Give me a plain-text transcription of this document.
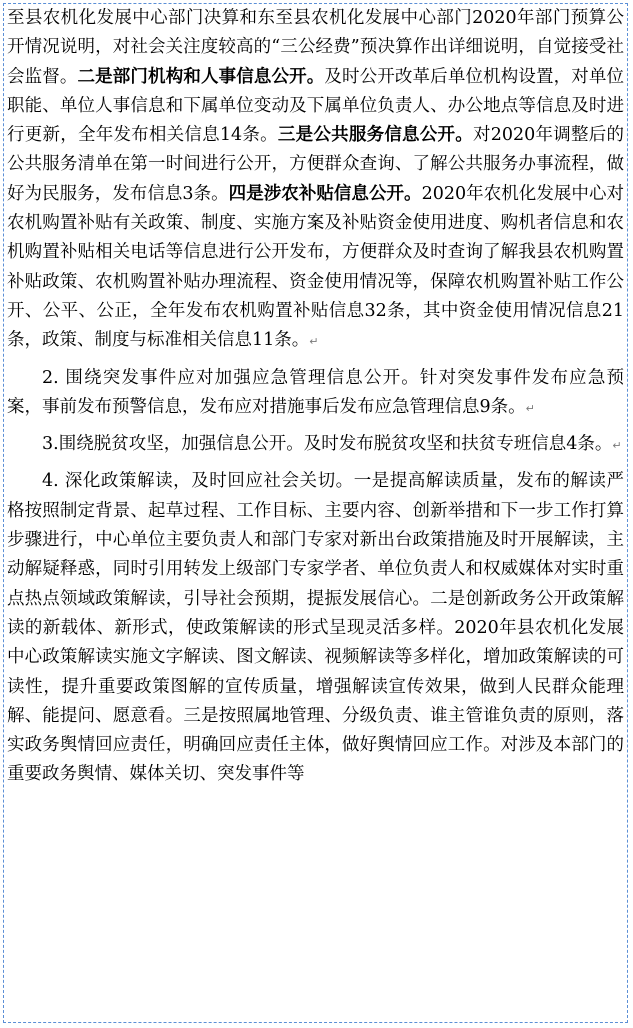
至县农机化发展中心部门决算和东至县农机化发展中心部门2020年部门预算公开情况说明，对社会关注度较高的“三公经费”预决算作出详细说明，自觉接受社会监督。二是部门机构和人事信息公开。及时公开改革后单位机构设置，对单位职能、单位人事信息和下属单位变动及下属单位负责人、办公地点等信息及时进行更新，全年发布相关信息14条。三是公共服务信息公开。对2020年调整后的公共服务清单在第一时间进行公开，方便群众查询、了解公共服务办事流程，做好为民服务，发布信息3条。四是涉农补贴信息公开。2020年农机化发展中心对农机购置补贴有关政策、制度、实施方案及补贴资金使用进度、购机者信息和农机购置补贴相关电话等信息进行公开发布，方便群众及时查询了解我县农机购置补贴政策、农机购置补贴办理流程、资金使用情况等，保障农机购置补贴工作公开、公平、公正，全年发布农机购置补贴信息32条，其中资金使用情况信息21条，政策、制度与标准相关信息11条。↵

2. 围绕突发事件应对加强应急管理信息公开。针对突发事件发布应急预案，事前发布预警信息，发布应对措施事后发布应急管理信息9条。↵

3.围绕脱贫攻坚，加强信息公开。及时发布脱贫攻坚和扶贫专班信息4条。↵

4. 深化政策解读，及时回应社会关切。一是提高解读质量，发布的解读严格按照制定背景、起草过程、工作目标、主要内容、创新举措和下一步工作打算步骤进行，中心单位主要负责人和部门专家对新出台政策措施及时开展解读，主动解疑释惑，同时引用转发上级部门专家学者、单位负责人和权威媒体对实时重点热点领域政策解读，引导社会预期，提振发展信心。二是创新政务公开政策解读的新载体、新形式，使政策解读的形式呈现灵活多样。2020年县农机化发展中心政策解读实施文字解读、图文解读、视频解读等多样化，增加政策解读的可读性，提升重要政策图解的宣传质量，增强解读宣传效果，做到人民群众能理解、能提问、愿意看。三是按照属地管理、分级负责、谁主管谁负责的原则，落实政务舆情回应责任，明确回应责任主体，做好舆情回应工作。对涉及本部门的重要政务舆情、媒体关切、突发事件等
